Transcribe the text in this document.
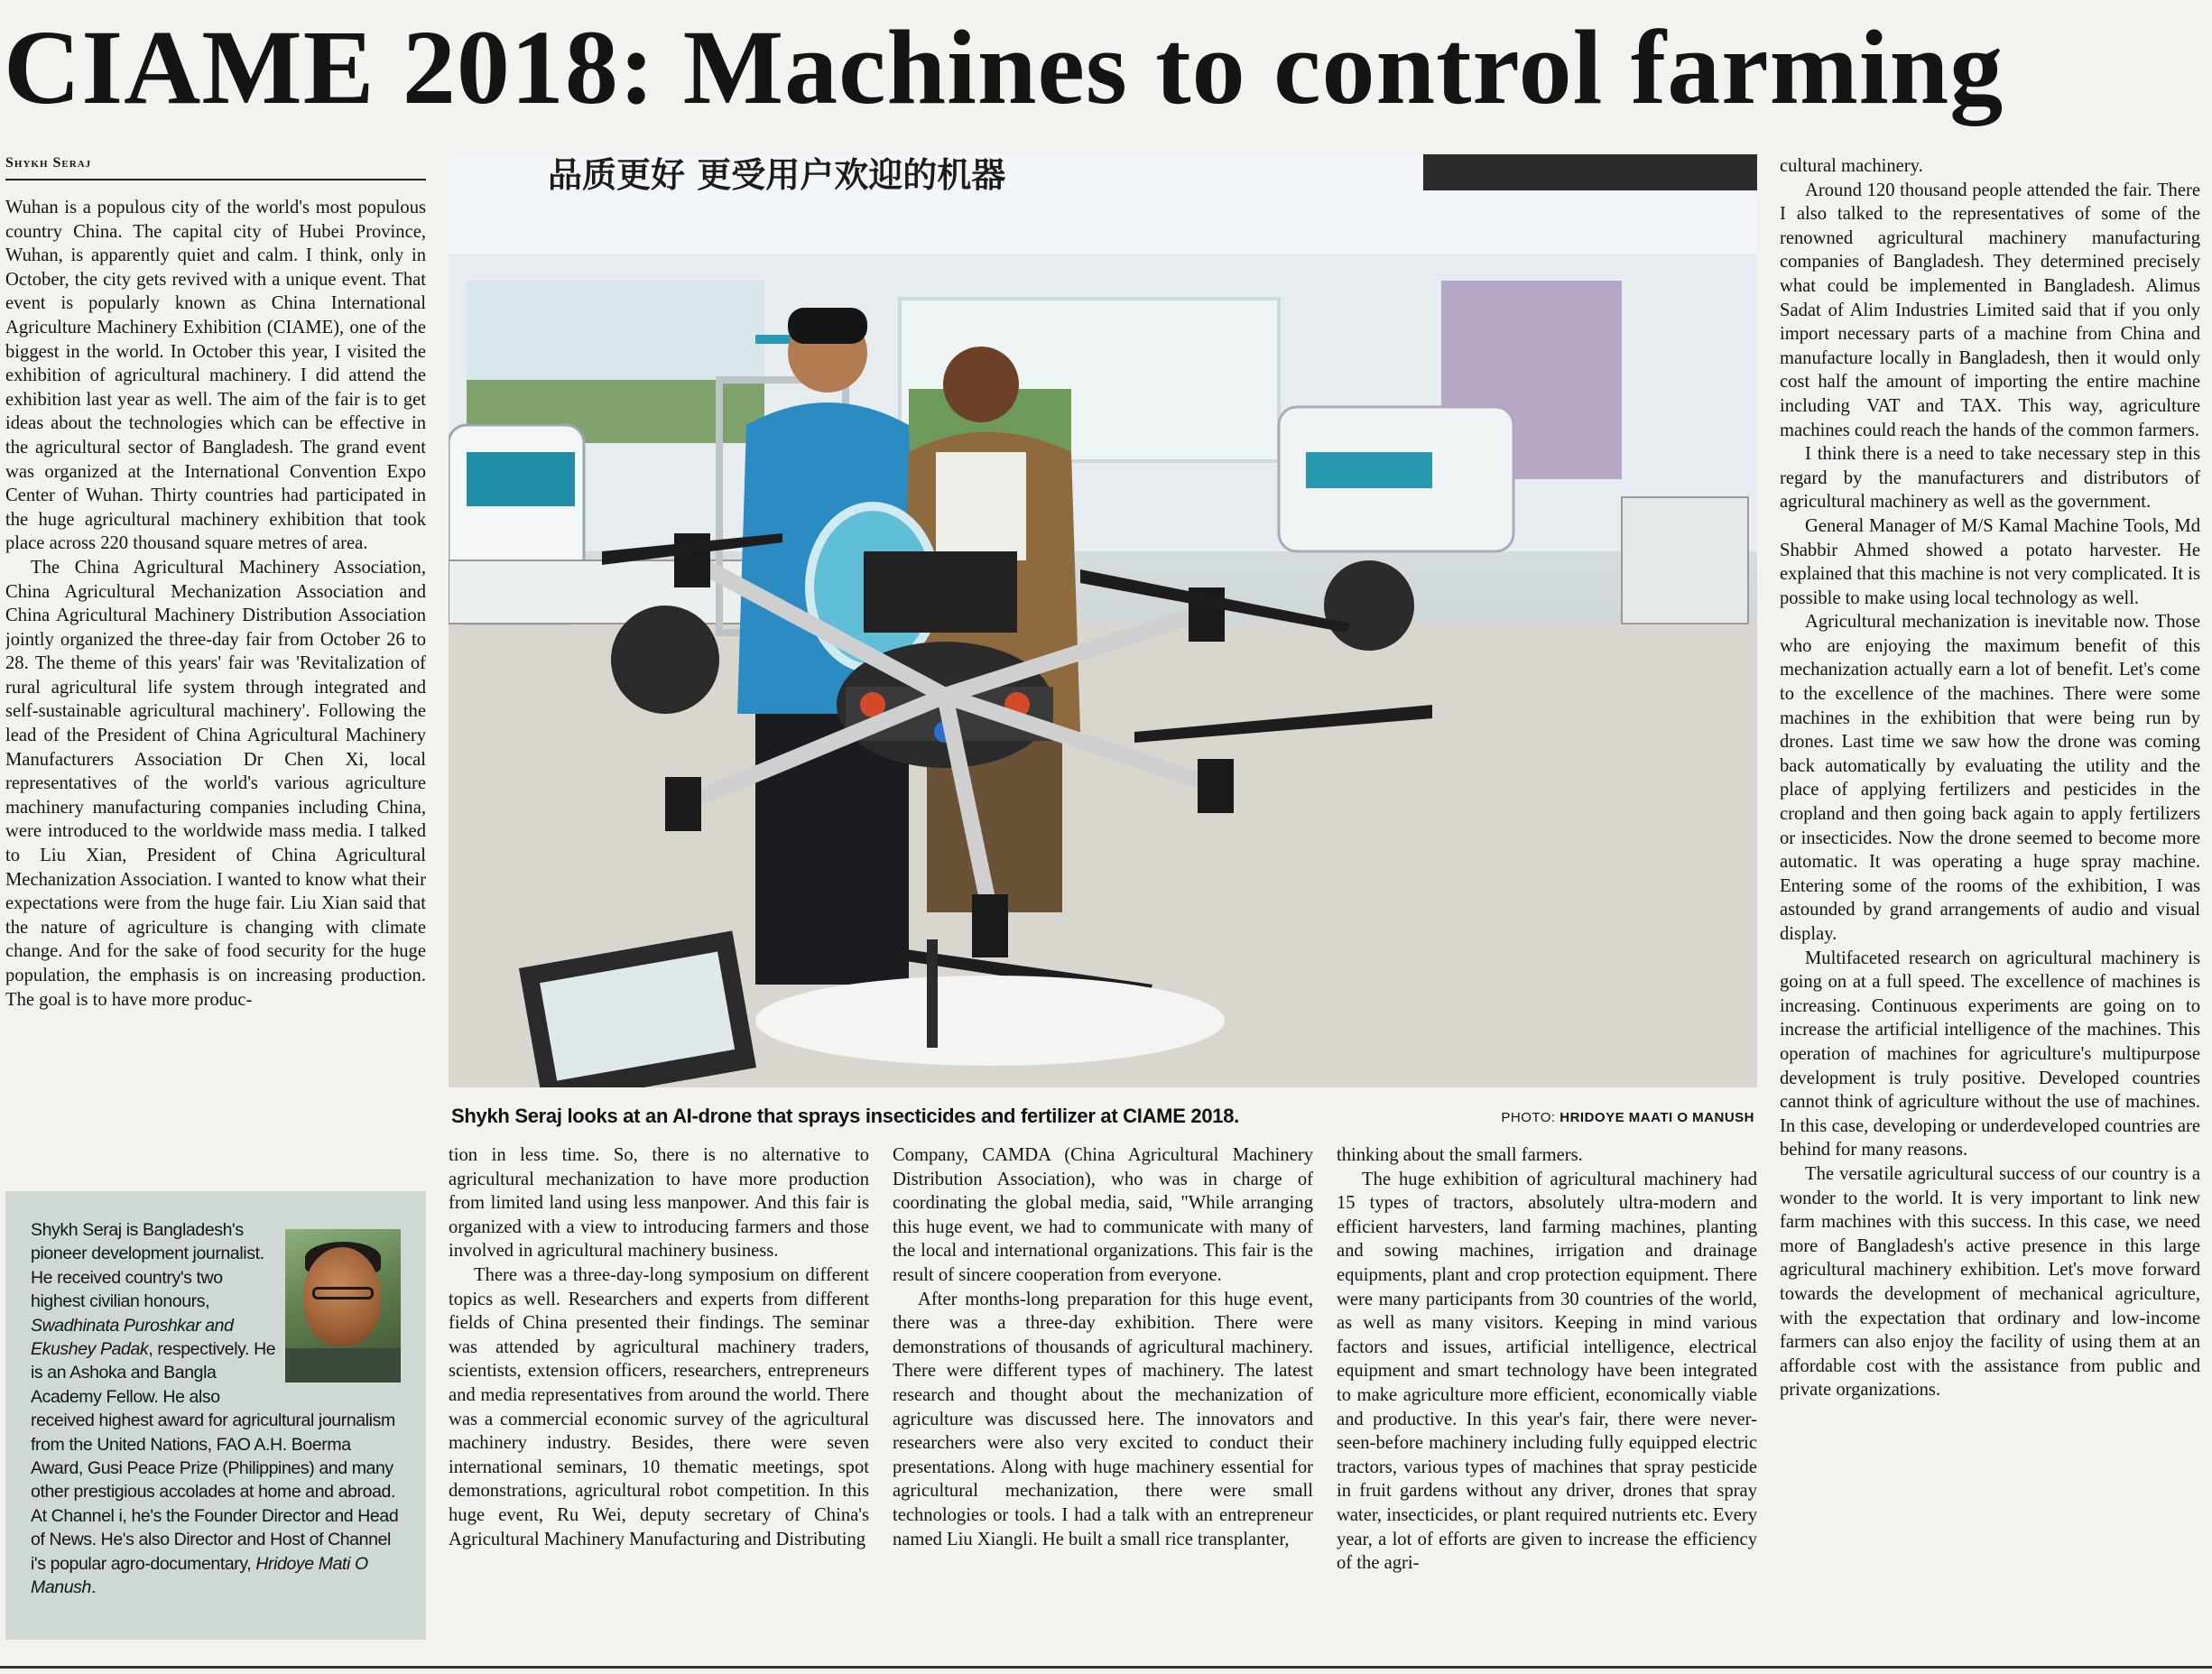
CIAME 2018: Machines to control farming
Shykh Seraj

Wuhan is a populous city of the world's most populous country China. The capital city of Hubei Province, Wuhan, is apparently quiet and calm. I think, only in October, the city gets revived with a unique event. That event is popularly known as China International Agriculture Machinery Exhibition (CIAME), one of the biggest in the world. In October this year, I visited the exhibition of agricultural machinery. I did attend the exhibition last year as well. The aim of the fair is to get ideas about the technologies which can be effective in the agricultural sector of Bangladesh. The grand event was organized at the International Convention Expo Center of Wuhan. Thirty countries had participated in the huge agricultural machinery exhibition that took place across 220 thousand square metres of area.

The China Agricultural Machinery Association, China Agricultural Mechanization Association and China Agricultural Machinery Distribution Association jointly organized the three-day fair from October 26 to 28. The theme of this years' fair was 'Revitalization of rural agricultural life system through integrated and self-sustainable agricultural machinery'. Following the lead of the President of China Agricultural Machinery Manufacturers Association Dr Chen Xi, local representatives of the world's various agriculture machinery manufacturing companies including China, were introduced to the worldwide mass media. I talked to Liu Xian, President of China Agricultural Mechanization Association. I wanted to know what their expectations were from the huge fair. Liu Xian said that the nature of agriculture is changing with climate change. And for the sake of food security for the huge population, the emphasis is on increasing production. The goal is to have more produc-

Shykh Seraj is Bangladesh's pioneer development journalist. He received country's two highest civilian honours, Swadhinata Puroshkar and Ekushey Padak, respectively. He is an Ashoka and Bangla Academy Fellow. He also received highest award for agricultural journalism from the United Nations, FAO A.H. Boerma Award, Gusi Peace Prize (Philippines) and many other prestigious accolades at home and abroad. At Channel i, he's the Founder Director and Head of News. He's also Director and Host of Channel i's popular agro-documentary, Hridoye Mati O Manush.
品质更好 更受用户欢迎的机器
Shykh Seraj looks at an AI-drone that sprays insecticides and fertilizer at CIAME 2018.	PHOTO: HRIDOYE MAATI O MANUSH

tion in less time. So, there is no alternative to agricultural mechanization to have more production from limited land using less manpower. And this fair is organized with a view to introducing farmers and those involved in agricultural machinery business.

There was a three-day-long symposium on different topics as well. Researchers and experts from different fields of China presented their findings. The seminar was attended by agricultural machinery traders, scientists, extension officers, researchers, entrepreneurs and media representatives from around the world. There was a commercial economic survey of the agricultural machinery industry. Besides, there were seven international seminars, 10 thematic meetings, spot demonstrations, agricultural robot competition. In this huge event, Ru Wei, deputy secretary of China's Agricultural Machinery Manufacturing and Distributing

Company, CAMDA (China Agricultural Machinery Distribution Association), who was in charge of coordinating the global media, said, "While arranging this huge event, we had to communicate with many of the local and international organizations. This fair is the result of sincere cooperation from everyone.

After months-long preparation for this huge event, there was a three-day exhibition. There were demonstrations of thousands of agricultural machinery. There were different types of machinery. The latest research and thought about the mechanization of agriculture was discussed here. The innovators and researchers were also very excited to conduct their presentations. Along with huge machinery essential for agricultural mechanization, there were small technologies or tools. I had a talk with an entrepreneur named Liu Xiangli. He built a small rice transplanter,

thinking about the small farmers.

The huge exhibition of agricultural machinery had 15 types of tractors, absolutely ultra-modern and efficient harvesters, land farming machines, planting and sowing machines, irrigation and drainage equipments, plant and crop protection equipment. There were many participants from 30 countries of the world, as well as many visitors. Keeping in mind various factors and issues, artificial intelligence, electrical equipment and smart technology have been integrated to make agriculture more efficient, economically viable and productive. In this year's fair, there were never-seen-before machinery including fully equipped electric tractors, various types of machines that spray pesticide in fruit gardens without any driver, drones that spray water, insecticides, or plant required nutrients etc. Every year, a lot of efforts are given to increase the efficiency of the agri-

cultural machinery.

Around 120 thousand people attended the fair. There I also talked to the representatives of some of the renowned agricultural machinery manufacturing companies of Bangladesh. They determined precisely what could be implemented in Bangladesh. Alimus Sadat of Alim Industries Limited said that if you only import necessary parts of a machine from China and manufacture locally in Bangladesh, then it would only cost half the amount of importing the entire machine including VAT and TAX. This way, agriculture machines could reach the hands of the common farmers.

I think there is a need to take necessary step in this regard by the manufacturers and distributors of agricultural machinery as well as the government.

General Manager of M/S Kamal Machine Tools, Md Shabbir Ahmed showed a potato harvester. He explained that this machine is not very complicated. It is possible to make using local technology as well.

Agricultural mechanization is inevitable now. Those who are enjoying the maximum benefit of this mechanization actually earn a lot of benefit. Let's come to the excellence of the machines. There were some machines in the exhibition that were being run by drones. Last time we saw how the drone was coming back automatically by evaluating the utility and the place of applying fertilizers and pesticides in the cropland and then going back again to apply fertilizers or insecticides. Now the drone seemed to become more automatic. It was operating a huge spray machine. Entering some of the rooms of the exhibition, I was astounded by grand arrangements of audio and visual display.

Multifaceted research on agricultural machinery is going on at a full speed. The excellence of machines is increasing. Continuous experiments are going on to increase the artificial intelligence of the machines. This operation of machines for agriculture's multipurpose development is truly positive. Developed countries cannot think of agriculture without the use of machines. In this case, developing or underdeveloped countries are behind for many reasons.

The versatile agricultural success of our country is a wonder to the world. It is very important to link new farm machines with this success. In this case, we need more of Bangladesh's active presence in this large agricultural machinery exhibition. Let's move forward towards the development of mechanical agriculture, with the expectation that ordinary and low-income farmers can also enjoy the facility of using them at an affordable cost with the assistance from public and private organizations.
